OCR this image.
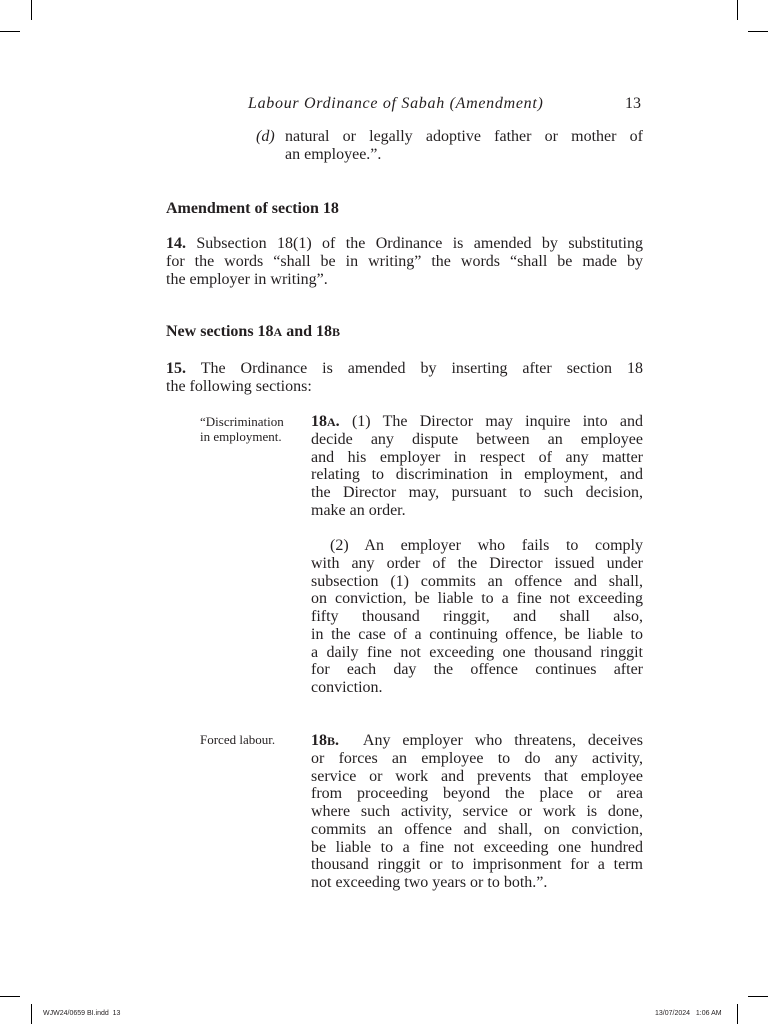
Labour Ordinance of Sabah (Amendment)	13
(d) natural or legally adoptive father or mother of
an employee.”.
Amendment of section 18
14. Subsection 18(1) of the Ordinance is amended by substituting
for the words “shall be in writing” the words “shall be made by
the employer in writing”.
New sections 18A and 18B
15. The Ordinance is amended by inserting after section 18
the following sections:
“Discrimination
in employment.
18A. (1) The Director may inquire into and
decide any dispute between an employee
and his employer in respect of any matter
relating to discrimination in employment, and
the Director may, pursuant to such decision,
make an order.
(2) An employer who fails to comply
with any order of the Director issued under
subsection (1) commits an offence and shall,
on conviction, be liable to a fine not exceeding
fifty thousand ringgit, and shall also,
in the case of a continuing offence, be liable to
a daily fine not exceeding one thousand ringgit
for each day the offence continues after
conviction.
Forced labour. 18B. Any employer who threatens, deceives
or forces an employee to do any activity,
service or work and prevents that employee
from proceeding beyond the place or area
where such activity, service or work is done,
commits an offence and shall, on conviction,
be liable to a fine not exceeding one hundred
thousand ringgit or to imprisonment for a term
not exceeding two years or to both.”.
WJW24/0659 BI.indd 13	13/07/2024 1:06 AM
